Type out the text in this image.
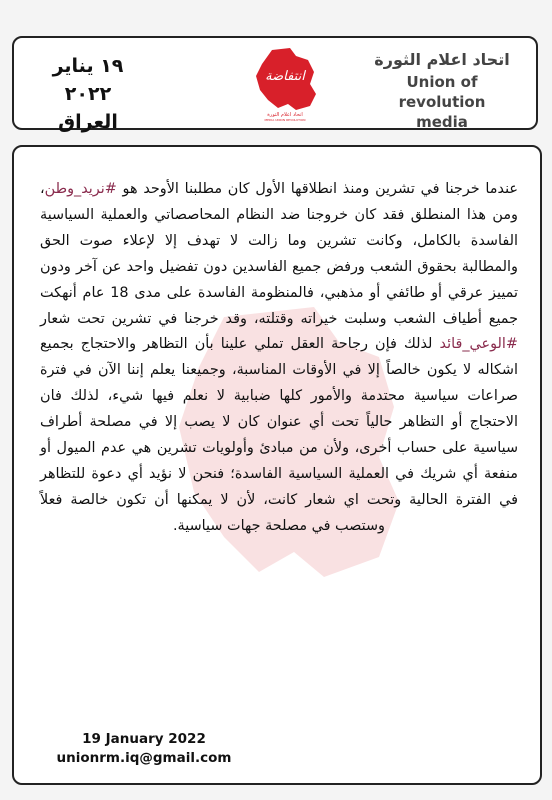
١٩ يناير ٢٠٢٢
العراق
انتفاضة
اتحاد اعلام الثورة
MEDIA UNION REVOLUTION
اتحاد اعلام الثورة
Union of revolution
media
عندما خرجنا في تشرين ومنذ انطلاقها الأول كان مطلبنا الأوحد هو #نريد_وطن، ومن هذا المنطلق فقد كان خروجنا ضد النظام المحاصصاتي والعملية السياسية الفاسدة بالكامل، وكانت تشرين وما زالت لا تهدف إلا لإعلاء صوت الحق والمطالبة بحقوق الشعب ورفض جميع الفاسدين دون تفضيل واحد عن آخر ودون تمييز عرقي أو طائفي أو مذهبي، فالمنظومة الفاسدة على مدى 18 عام أنهكت جميع أطياف الشعب وسلبت خيراته وقتلته، وقد خرجنا في تشرين تحت شعار #الوعي_قائد لذلك فإن رجاحة العقل تملي علينا بأن التظاهر والاحتجاج بجميع اشكاله لا يكون خالصاً إلا في الأوقات المناسبة، وجميعنا يعلم إننا الآن في فترة صراعات سياسية محتدمة والأمور كلها ضبابية لا نعلم فيها شيء، لذلك فان الاحتجاج أو التظاهر حالياً تحت أي عنوان كان لا يصب إلا في مصلحة أطراف سياسية على حساب أخرى، ولأن من مبادئ وأولويات تشرين هي عدم الميول أو منفعة أي شريك في العملية السياسية الفاسدة؛ فنحن لا نؤيد أي دعوة للتظاهر في الفترة الحالية وتحت اي شعار كانت، لأن لا يمكنها أن تكون خالصة فعلاً وستصب في مصلحة جهات سياسية.
19 January 2022
unionrm.iq@gmail.com
